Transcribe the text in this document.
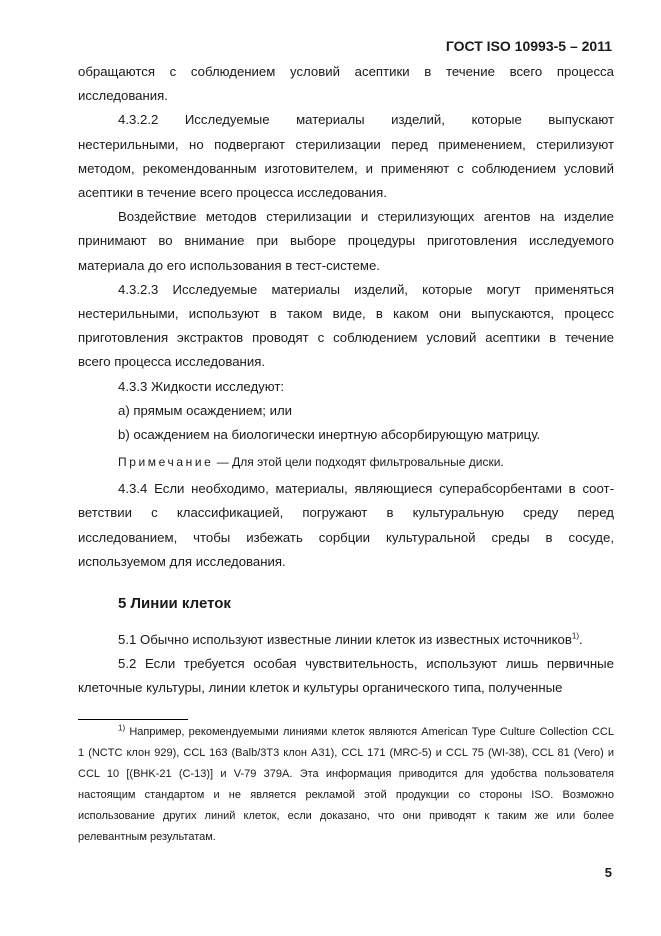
ГОСТ ISO 10993-5 – 2011
обращаются с соблюдением условий асептики в течение всего процесса
исследования.
4.3.2.2 Исследуемые материалы изделий, которые выпускают
нестерильными, но подвергают стерилизации перед применением, стерилизуют
методом, рекомендованным изготовителем, и применяют с соблюдением условий
асептики в течение всего процесса исследования.
Воздействие методов стерилизации и стерилизующих агентов на изделие
принимают во внимание при выборе процедуры приготовления исследуемого
материала до его использования в тест-системе.
4.3.2.3 Исследуемые материалы изделий, которые могут применяться
нестерильными, используют в таком виде, в каком они выпускаются, процесс
приготовления экстрактов проводят с соблюдением условий асептики в течение
всего процесса исследования.
4.3.3 Жидкости исследуют:
a) прямым осаждением; или
b) осаждением на биологически инертную абсорбирующую матрицу.
Примечание — Для этой цели подходят фильтровальные диски.
4.3.4 Если необходимо, материалы, являющиеся суперабсорбентами в соот-
ветствии с классификацией, погружают в культуральную среду перед
исследованием, чтобы избежать сорбции культуральной среды в сосуде,
используемом для исследования.
5 Линии клеток
5.1 Обычно используют известные линии клеток из известных источников$^{1)}$.
5.2 Если требуется особая чувствительность, используют лишь первичные
клеточные культуры, линии клеток и культуры органического типа, полученные
$^{1)}$ Например, рекомендуемыми линиями клеток являются American Type Culture Collection CCL
1 (NCTC клон 929), CCL 163 (Balb/3T3 клон A31), CCL 171 (MRC-5) и CCL 75 (WI-38), CCL 81 (Vero) и
CCL 10 [(BHK-21 (C-13)] и V-79 379A. Эта информация приводится для удобства пользователя
настоящим стандартом и не является рекламой этой продукции со стороны ISO. Возможно
использование других линий клеток, если доказано, что они приводят к таким же или более
релевантным результатам.
5
